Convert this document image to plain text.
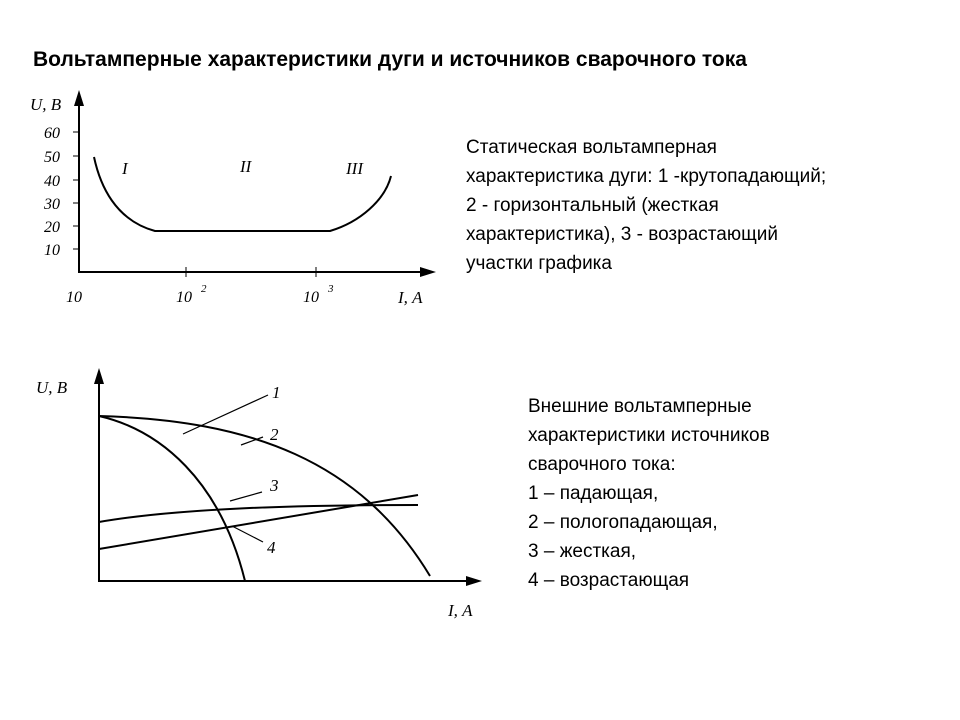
Вольтамперные характеристики дуги и источников сварочного тока
U, В
I, А
60
50
40
30
20
10
10	10 2	10 3
I	II	III
U, В
I, А
1
2
3
4
Статическая вольтамперная
характеристика дуги: 1 -крутопадающий;
2 - горизонтальный (жесткая
характеристика), 3 - возрастающий
участки графика
Внешние вольтамперные
характеристики источников
сварочного тока:
1 – падающая,
2 – пологопадающая,
3 – жесткая,
4 – возрастающая
